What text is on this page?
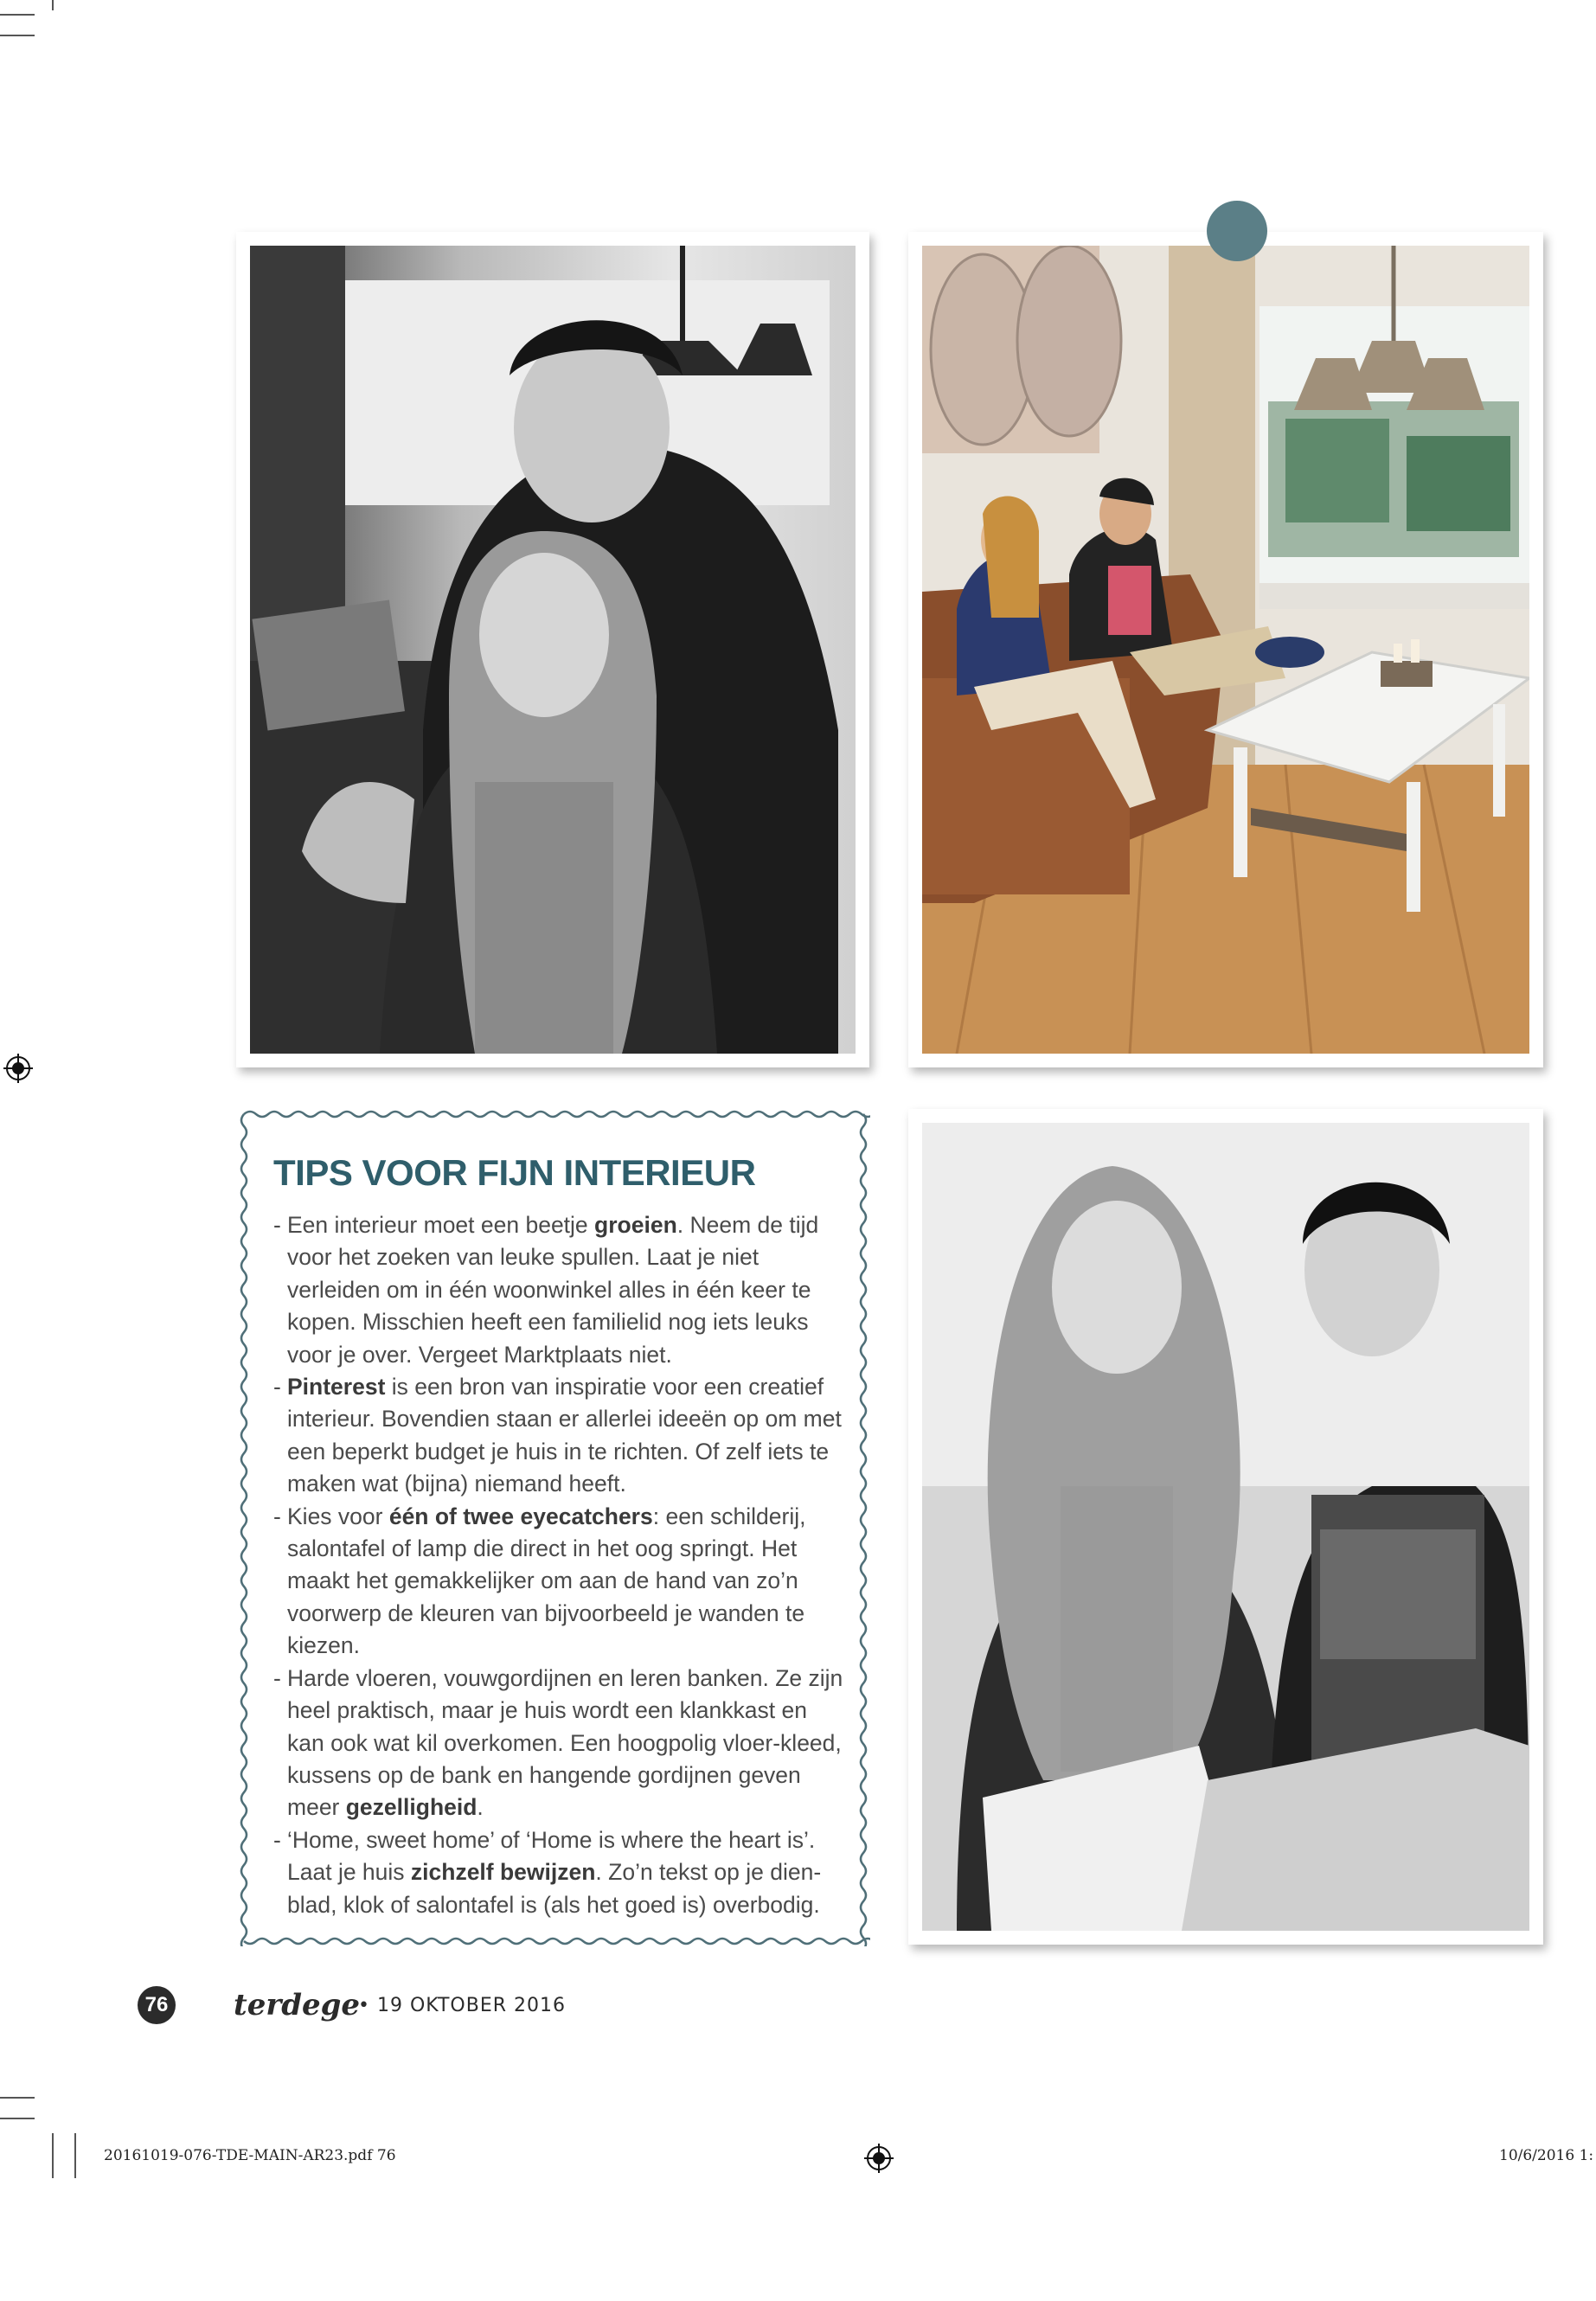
TIPS VOOR FIJN INTERIEUR
- Een interieur moet een beetje groeien. Neem de tijd voor het zoeken van leuke spullen. Laat je niet verleiden om in één woonwinkel alles in één keer te kopen. Misschien heeft een familielid nog iets leuks voor je over. Vergeet Marktplaats niet.
- Pinterest is een bron van inspiratie voor een creatief interieur. Bovendien staan er allerlei ideeën op om met een beperkt budget je huis in te richten. Of zelf iets te maken wat (bijna) niemand heeft.
- Kies voor één of twee eyecatchers: een schilderij, salontafel of lamp die direct in het oog springt. Het maakt het gemakkelijker om aan de hand van zo’n voorwerp de kleuren van bijvoorbeeld je wanden te kiezen.
- Harde vloeren, vouwgordijnen en leren banken. Ze zijn heel praktisch, maar je huis wordt een klankkast en kan ook wat kil overkomen. Een hoogpolig vloer-kleed, kussens op de bank en hangende gordijnen geven meer gezelligheid.
- ‘Home, sweet home’ of ‘Home is where the heart is’. Laat je huis zichzelf bewijzen. Zo’n tekst op je dien-blad, klok of salontafel is (als het goed is) overbodig.
76 terdege
• 19 OKTOBER 2016
20161019-076-TDE-MAIN-AR23.pdf 76	10/6/2016 1:
